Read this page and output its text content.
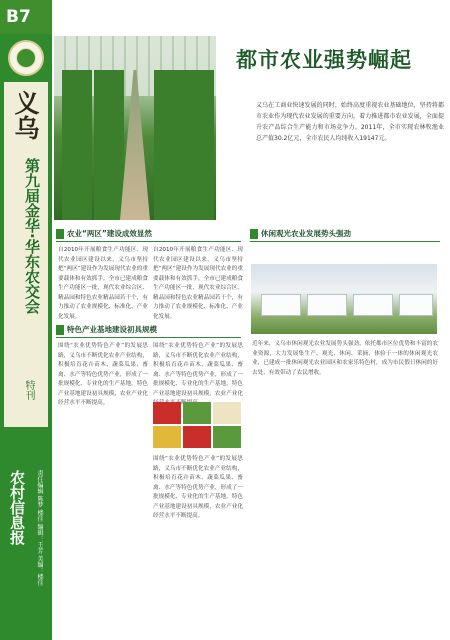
B7
义乌
第九届金华·华东农交会
特刊
农村信息报	责任编辑 陈梦 楼佳 编辑：王芳 美编：楼佳
都市农业强势崛起
义乌在工商业快速发展的同时，始终高度重视农业基础地位，坚持将都市农业作为现代农业发展的重要方向，着力推进都市农业发展，全面提升农产品综合生产能力和市场竞争力。2011年，全市实现农林牧渔业总产值30.2亿元，全市农民人均纯收入19147元。
农业“两区”建设成效显然
自2010年开展粮食生产功能区、现代农业园区建设以来，义乌市坚持把“两区”建设作为发展现代农业的重要载体和有效抓手，全市已建成粮食生产功能区一批，现代农业综合区、精品园和特色农业精品园若干个，有力推动了农业规模化、标准化、产业化发展。
自2010年开展粮食生产功能区、现代农业园区建设以来，义乌市坚持把“两区”建设作为发展现代农业的重要载体和有效抓手，全市已建成粮食生产功能区一批，现代农业综合区、精品园和特色农业精品园若干个，有力推动了农业规模化、标准化、产业化发展。
特色产业基地建设初具规模
围绕“农业优势特色产业”的发展思路，义乌市不断优化农业产业结构，积极培育花卉苗木、蔬菜瓜果、畜禽、水产等特色优势产业，形成了一批规模化、专业化的生产基地，特色产业基地建设初具规模，农业产业化经营水平不断提高。
围绕“农业优势特色产业”的发展思路，义乌市不断优化农业产业结构，积极培育花卉苗木、蔬菜瓜果、畜禽、水产等特色优势产业，形成了一批规模化、专业化的生产基地，特色产业基地建设初具规模，农业产业化
围绕“农业优势特色产业”的发展思路，义乌市不断优化农业产业结构，积极培育花卉苗木、蔬菜瓜果、畜禽、水产等特色优势产业，形成了一批规模化、专业化的生产基地，特色产业基地建设初具规模，农业产业化经营水平不断提高。
休闲观光农业发展势头强劲
近年来，义乌市休闲观光农业发展势头强劲，依托都市区位优势和丰富的农业资源，大力发展集生产、观光、休闲、采摘、体验于一体的休闲观光农业，已建成一批休闲观光农业园区和农家乐特色村，成为市民假日休闲的好去处，有效带动了农民增收。
